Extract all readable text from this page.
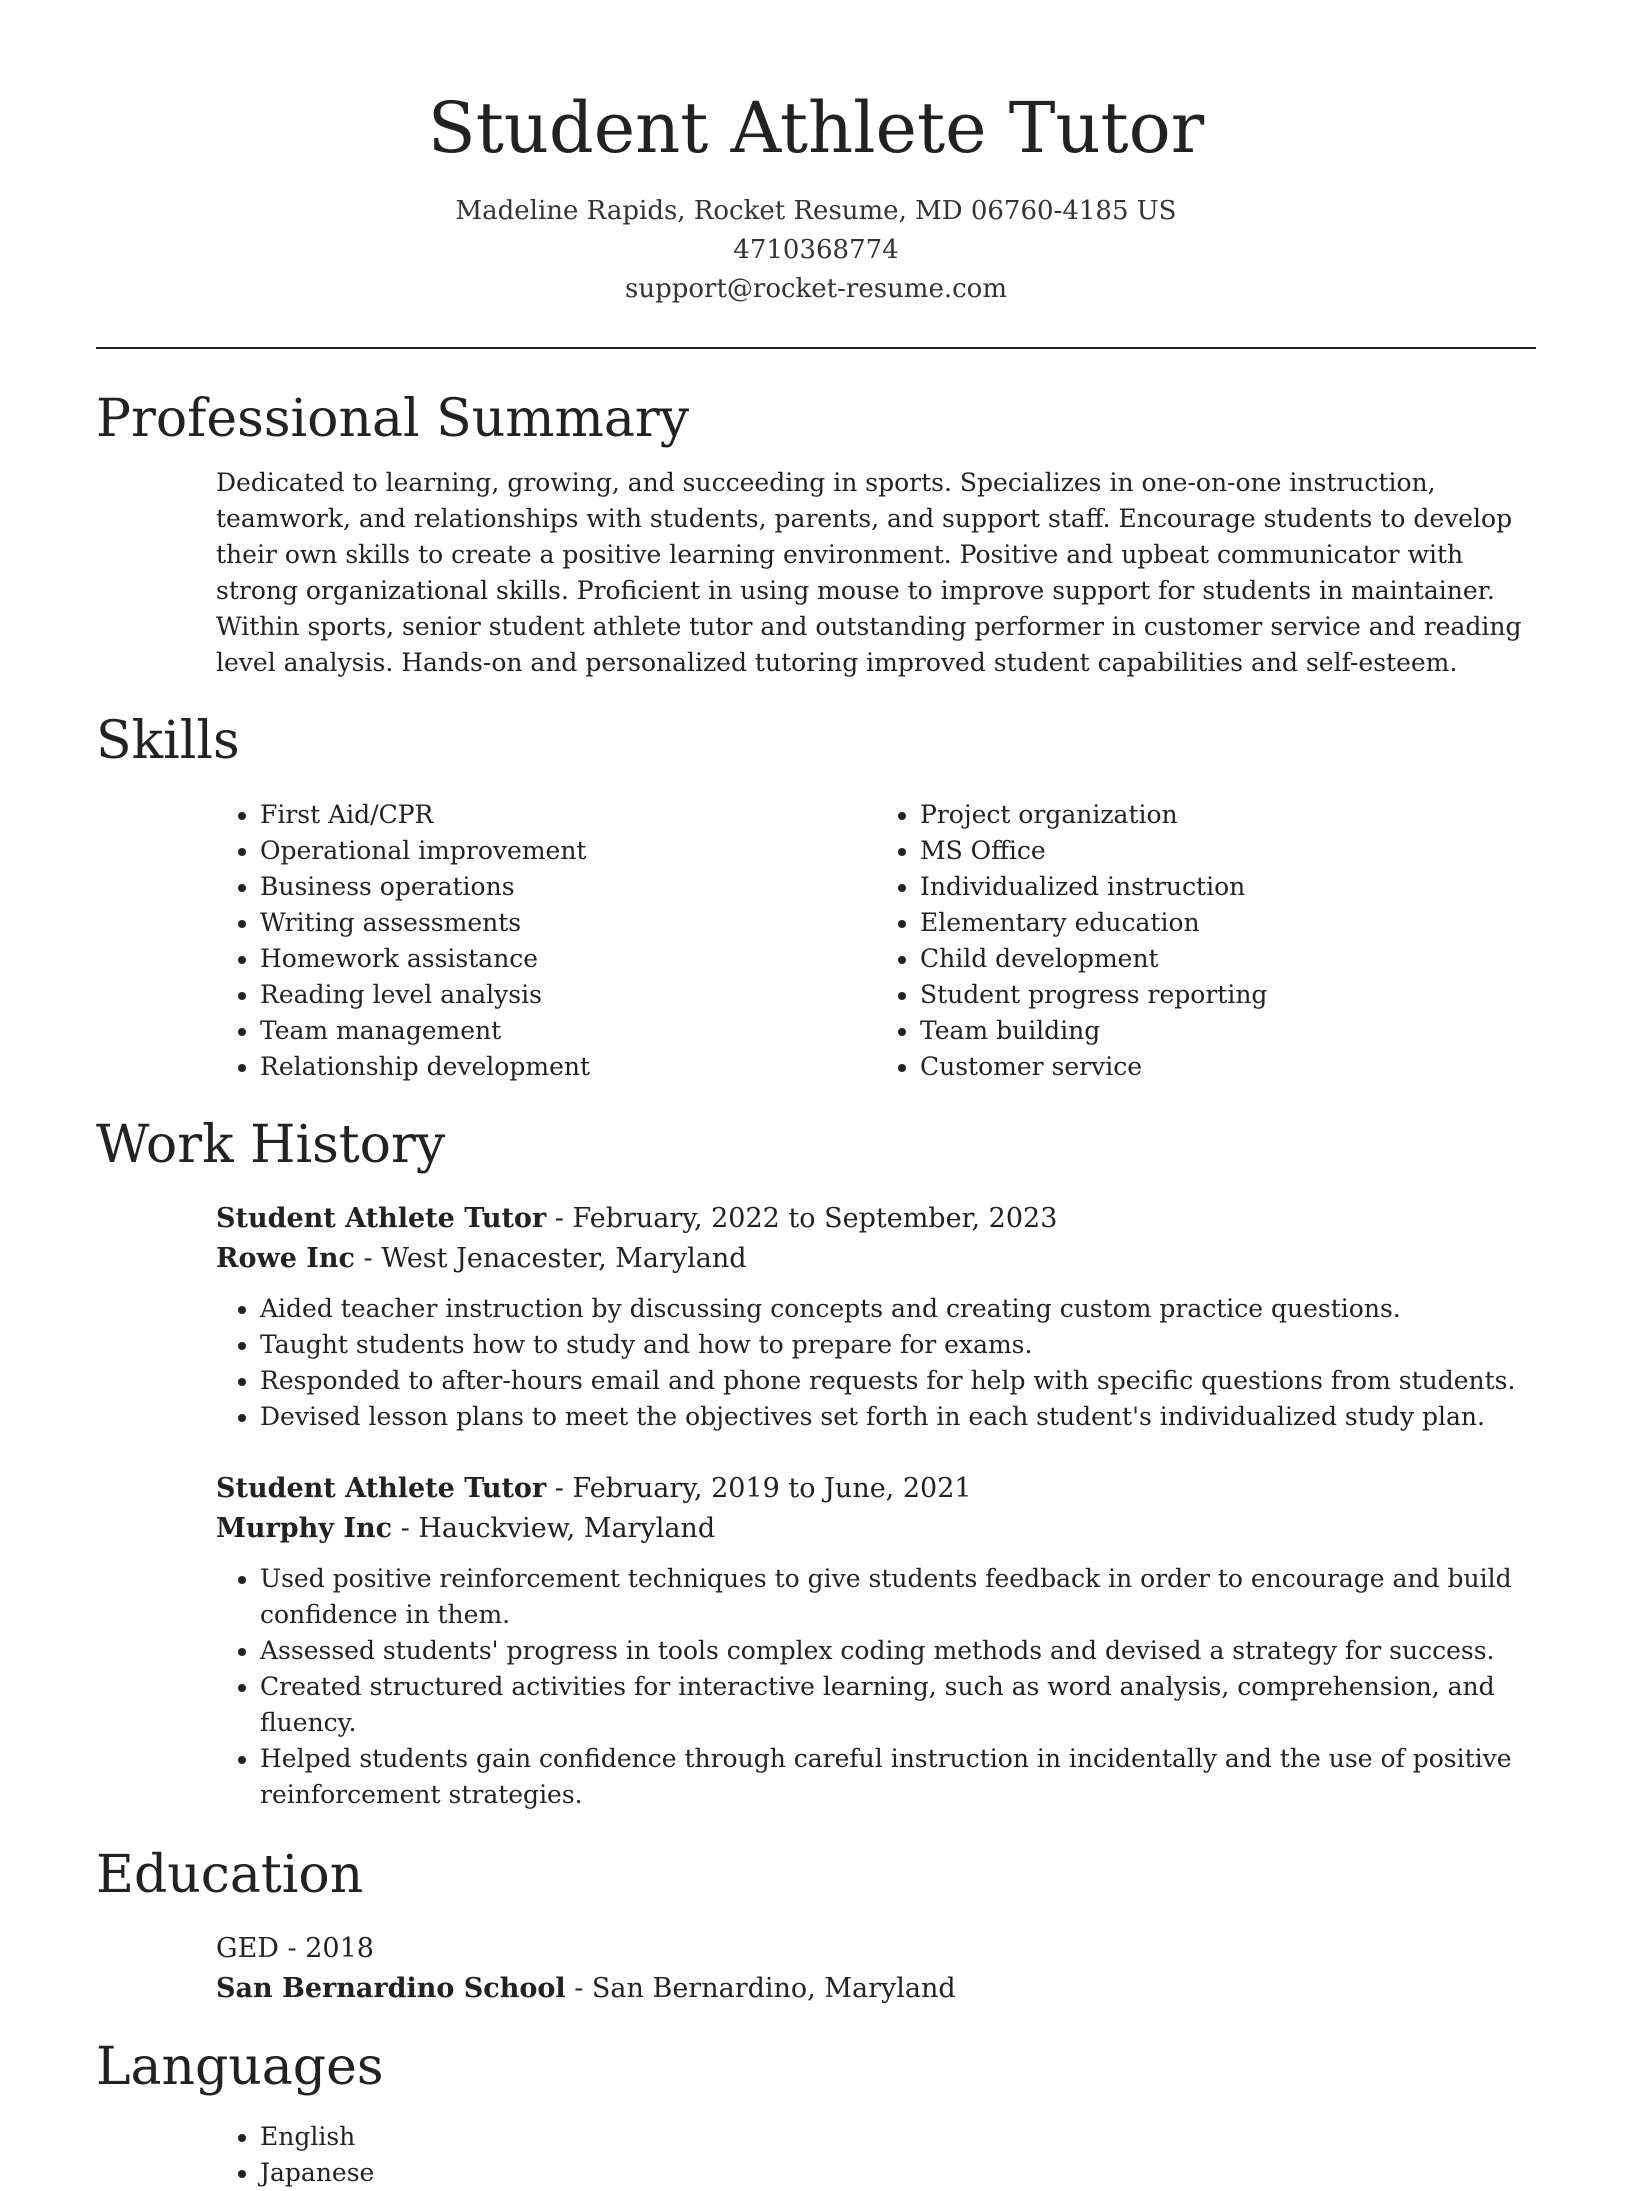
Student Athlete Tutor
Madeline Rapids, Rocket Resume, MD 06760-4185 US
4710368774
support@rocket-resume.com
Professional Summary

Dedicated to learning, growing, and succeeding in sports. Specializes in one-on-one instruction, teamwork, and relationships with students, parents, and support staff. Encourage students to develop their own skills to create a positive learning environment. Positive and upbeat communicator with strong organizational skills. Proficient in using mouse to improve support for students in maintainer. Within sports, senior student athlete tutor and outstanding performer in customer service and reading level analysis. Hands-on and personalized tutoring improved student capabilities and self-esteem.

Skills
• First Aid/CPR
• Operational improvement
• Business operations
• Writing assessments
• Homework assistance
• Reading level analysis
• Team management
• Relationship development
• Project organization
• MS Office
• Individualized instruction
• Elementary education
• Child development
• Student progress reporting
• Team building
• Customer service
Work History
Student Athlete Tutor - February, 2022 to September, 2023
Rowe Inc - West Jenacester, Maryland
• Aided teacher instruction by discussing concepts and creating custom practice questions.
• Taught students how to study and how to prepare for exams.
• Responded to after-hours email and phone requests for help with specific questions from students.
• Devised lesson plans to meet the objectives set forth in each student's individualized study plan.
Student Athlete Tutor - February, 2019 to June, 2021
Murphy Inc - Hauckview, Maryland
• Used positive reinforcement techniques to give students feedback in order to encourage and build confidence in them.
• Assessed students' progress in tools complex coding methods and devised a strategy for success.
• Created structured activities for interactive learning, such as word analysis, comprehension, and fluency.
• Helped students gain confidence through careful instruction in incidentally and the use of positive reinforcement strategies.
Education
GED - 2018
San Bernardino School - San Bernardino, Maryland
Languages
• English
• Japanese
